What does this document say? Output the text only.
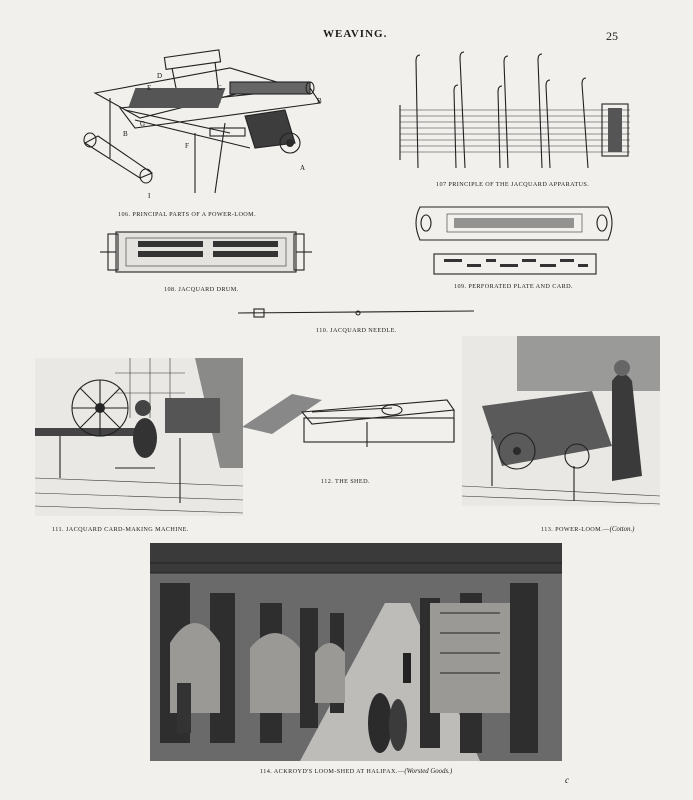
WEAVING.	25
D
E	C
B
G
B
F
A
I
106. PRINCIPAL PARTS OF A POWER-LOOM.
107 PRINCIPLE OF THE JACQUARD APPARATUS.
108. JACQUARD DRUM.	109. PERFORATED PLATE AND CARD.
110. JACQUARD NEEDLE.
111. JACQUARD CARD-MAKING MACHINE.
112. THE SHED.
113. POWER-LOOM.—(Cotton.)
114. ACKROYD'S LOOM-SHED AT HALIFAX.—(Worsted Goods.)
c
